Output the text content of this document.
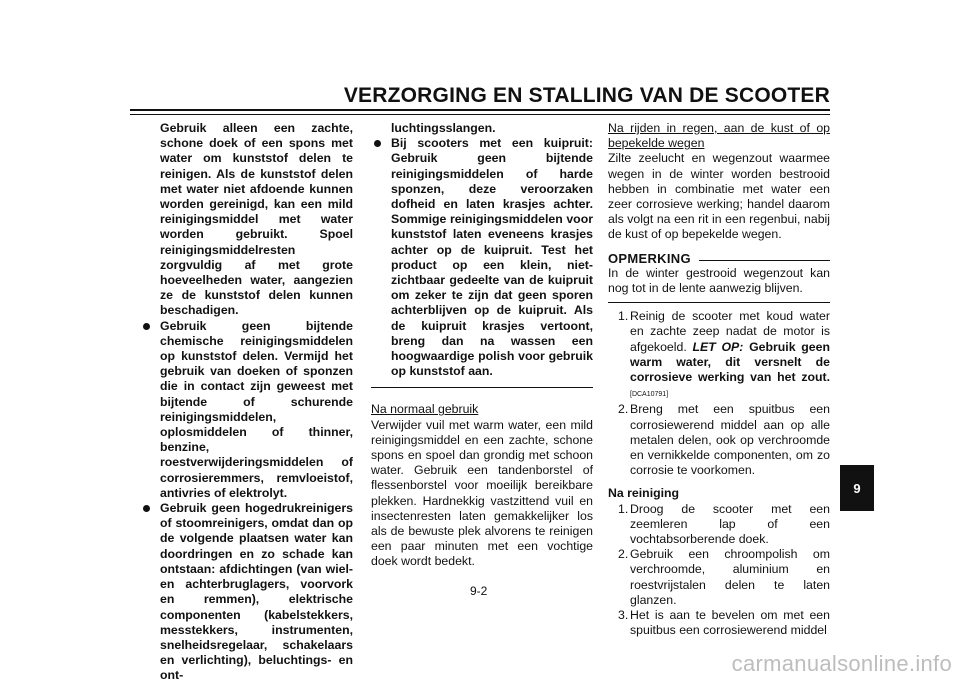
VERZORGING EN STALLING VAN DE SCOOTER

Gebruik alleen een zachte, schone doek of een spons met water om kunststof delen te reinigen. Als de kunststof delen met water niet afdoende kunnen worden gereinigd, kan een mild reinigingsmiddel met water worden gebruikt. Spoel reinigingsmiddelresten zorgvuldig af met grote hoeveelheden water, aangezien ze de kunststof delen kunnen beschadigen.

Gebruik geen bijtende chemische reinigingsmiddelen op kunststof delen. Vermijd het gebruik van doeken of sponzen die in contact zijn geweest met bijtende of schurende reinigingsmiddelen, oplosmiddelen of thinner, benzine, roestverwijderingsmiddelen of corrosieremmers, remvloeistof, antivries of elektrolyt.
Gebruik geen hogedrukreinigers of stoomreinigers, omdat dan op de volgende plaatsen water kan doordringen en zo schade kan ontstaan: afdichtingen (van wiel- en achterbruglagers, voorvork en remmen), elektrische componenten (kabelstekkers, messtekkers, instrumenten, snelheidsregelaar, schakelaars en verlichting), beluchtings- en ont-

luchtingsslangen.

Bij scooters met een kuipruit: Gebruik geen bijtende reinigingsmiddelen of harde sponzen, deze veroorzaken dofheid en laten krasjes achter. Sommige reinigingsmiddelen voor kunststof laten eveneens krasjes achter op de kuipruit. Test het product op een klein, niet-zichtbaar gedeelte van de kuipruit om zeker te zijn dat geen sporen achterblijven op de kuipruit. Als de kuipruit krasjes vertoont, breng dan na wassen een hoogwaardige polish voor gebruik op kunststof aan.

Na normaal gebruik

Verwijder vuil met warm water, een mild reinigingsmiddel en een zachte, schone spons en spoel dan grondig met schoon water. Gebruik een tandenborstel of flessenborstel voor moeilijk bereikbare plekken. Hardnekkig vastzittend vuil en insectenresten laten gemakkelijker los als de bewuste plek alvorens te reinigen een paar minuten met een vochtige doek wordt bedekt.

Na rijden in regen, aan de kust of op bepekelde wegen

Zilte zeelucht en wegenzout waarmee wegen in de winter worden bestrooid hebben in combinatie met water een zeer corrosieve werking; handel daarom als volgt na een rit in een regenbui, nabij de kust of op bepekelde wegen.

OPMERKING

In de winter gestrooid wegenzout kan nog tot in de lente aanwezig blijven.

1. Reinig de scooter met koud water en zachte zeep nadat de motor is afgekoeld. LET OP: Gebruik geen warm water, dit versnelt de corrosieve werking van het zout.[DCA10791]
2. Breng met een spuitbus een corrosiewerend middel aan op alle metalen delen, ook op verchroomde en vernikkelde componenten, om zo corrosie te voorkomen.

Na reiniging

1. Droog de scooter met een zeemleren lap of een vochtabsorberende doek.
2. Gebruik een chroompolish om verchroomde, aluminium en roestvrijstalen delen te laten glanzen.
3. Het is aan te bevelen om met een spuitbus een corrosiewerend middel
9-2
9
carmanualsonline.info
